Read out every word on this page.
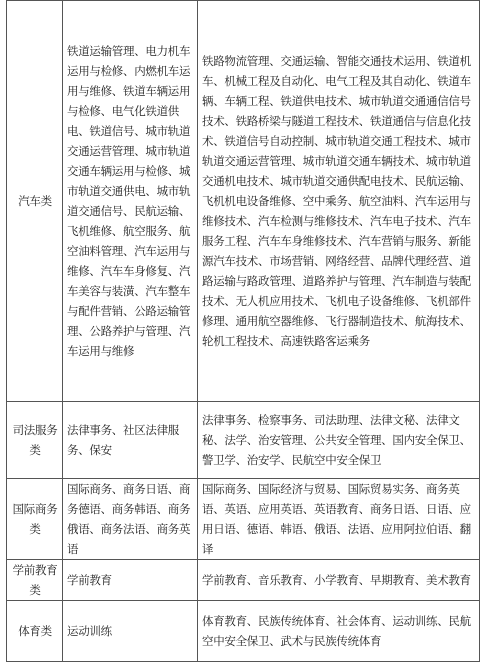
汽车类	铁道运输管理、电力机车运用与检修、内燃机车运用与维修、铁道车辆运用与检修、电气化铁道供电、铁道信号、城市轨道交通运营管理、城市轨道交通车辆运用与检修、城市轨道交通供电、城市轨道交通信号、民航运输、飞机维修、航空服务、航空油料管理、汽车运用与维修、汽车车身修复、汽车美容与装潢、汽车整车与配件营销、公路运输管理、公路养护与管理、汽车运用与维修	铁路物流管理、交通运输、智能交通技术运用、铁道机车、机械工程及自动化、电气工程及其自动化、铁道车辆、车辆工程、铁道供电技术、城市轨道交通通信信号技术、铁路桥梁与隧道工程技术、铁道通信与信息化技术、铁道信号自动控制、城市轨道交通工程技术、城市轨道交通运营管理、城市轨道交通车辆技术、城市轨道交通机电技术、城市轨道交通供配电技术、民航运输、飞机机电设备维修、空中乘务、航空油料、汽车运用与维修技术、汽车检测与维修技术、汽车电子技术、汽车服务工程、汽车车身维修技术、汽车营销与服务、新能源汽车技术、市场营销、网络经营、品牌代理经营、道路运输与路政管理、道路养护与管理、汽车制造与装配技术、无人机应用技术、飞机电子设备维修、飞机部件修理、通用航空器维修、飞行器制造技术、航海技术、轮机工程技术、高速铁路客运乘务
司法服务类	法律事务、社区法律服务、保安	法律事务、检察事务、司法助理、法律文秘、法律文秘、法学、治安管理、公共安全管理、国内安全保卫、警卫学、治安学、民航空中安全保卫
国际商务类	国际商务、商务日语、商务德语、商务韩语、商务俄语、商务法语、商务英语	国际商务、国际经济与贸易、国际贸易实务、商务英语、英语、应用英语、英语教育、商务日语、日语、应用日语、德语、韩语、俄语、法语、应用阿拉伯语、翻译
学前教育类	学前教育	学前教育、音乐教育、小学教育、早期教育、美术教育
体育类	运动训练	体育教育、民族传统体育、社会体育、运动训练、民航空中安全保卫、武术与民族传统体育
